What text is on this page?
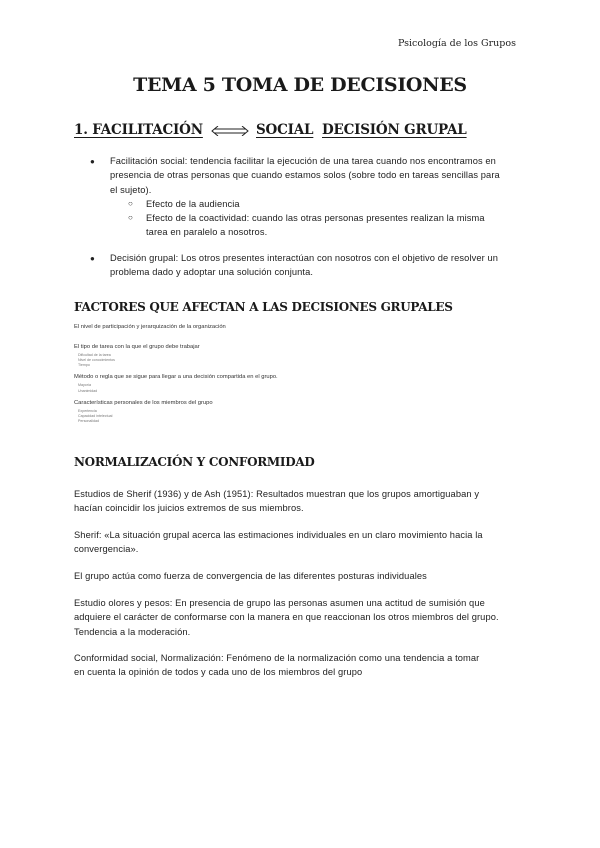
Psicología de los Grupos
TEMA 5 TOMA DE DECISIONES
1. FACILITACIÓN	SOCIAL DECISIÓN GRUPAL
● Facilitación social: tendencia facilitar la ejecución de una tarea cuando nos encontramos en
presencia de otras personas que cuando estamos solos (sobre todo en tareas sencillas para
el sujeto).
○ Efecto de la audiencia
○ Efecto de la coactividad: cuando las otras personas presentes realizan la misma
tarea en paralelo a nosotros.
● Decisión grupal: Los otros presentes interactúan con nosotros con el objetivo de resolver un
problema dado y adoptar una solución conjunta.
FACTORES QUE AFECTAN A LAS DECISIONES GRUPALES
El nivel de participación y jerarquización de la organización
El tipo de tarea con la que el grupo debe trabajar
Dificultad de la tarea
Nivel de conocimientos
Tiempo
Método o regla que se sigue para llegar a una decisión compartida en el grupo.
Mayoría
Unanimidad
Características personales de los miembros del grupo
Experiencia
Capacidad intelectual
Personalidad
NORMALIZACIÓN Y CONFORMIDAD
Estudios de Sherif (1936) y de Ash (1951): Resultados muestran que los grupos amortiguaban y
hacían coincidir los juicios extremos de sus miembros.
Sherif: «La situación grupal acerca las estimaciones individuales en un claro movimiento hacia la
convergencia».
El grupo actúa como fuerza de convergencia de las diferentes posturas individuales
Estudio olores y pesos: En presencia de grupo las personas asumen una actitud de sumisión que
adquiere el carácter de conformarse con la manera en que reaccionan los otros miembros del grupo.
Tendencia a la moderación.
Conformidad social, Normalización: Fenómeno de la normalización como una tendencia a tomar
en cuenta la opinión de todos y cada uno de los miembros del grupo
